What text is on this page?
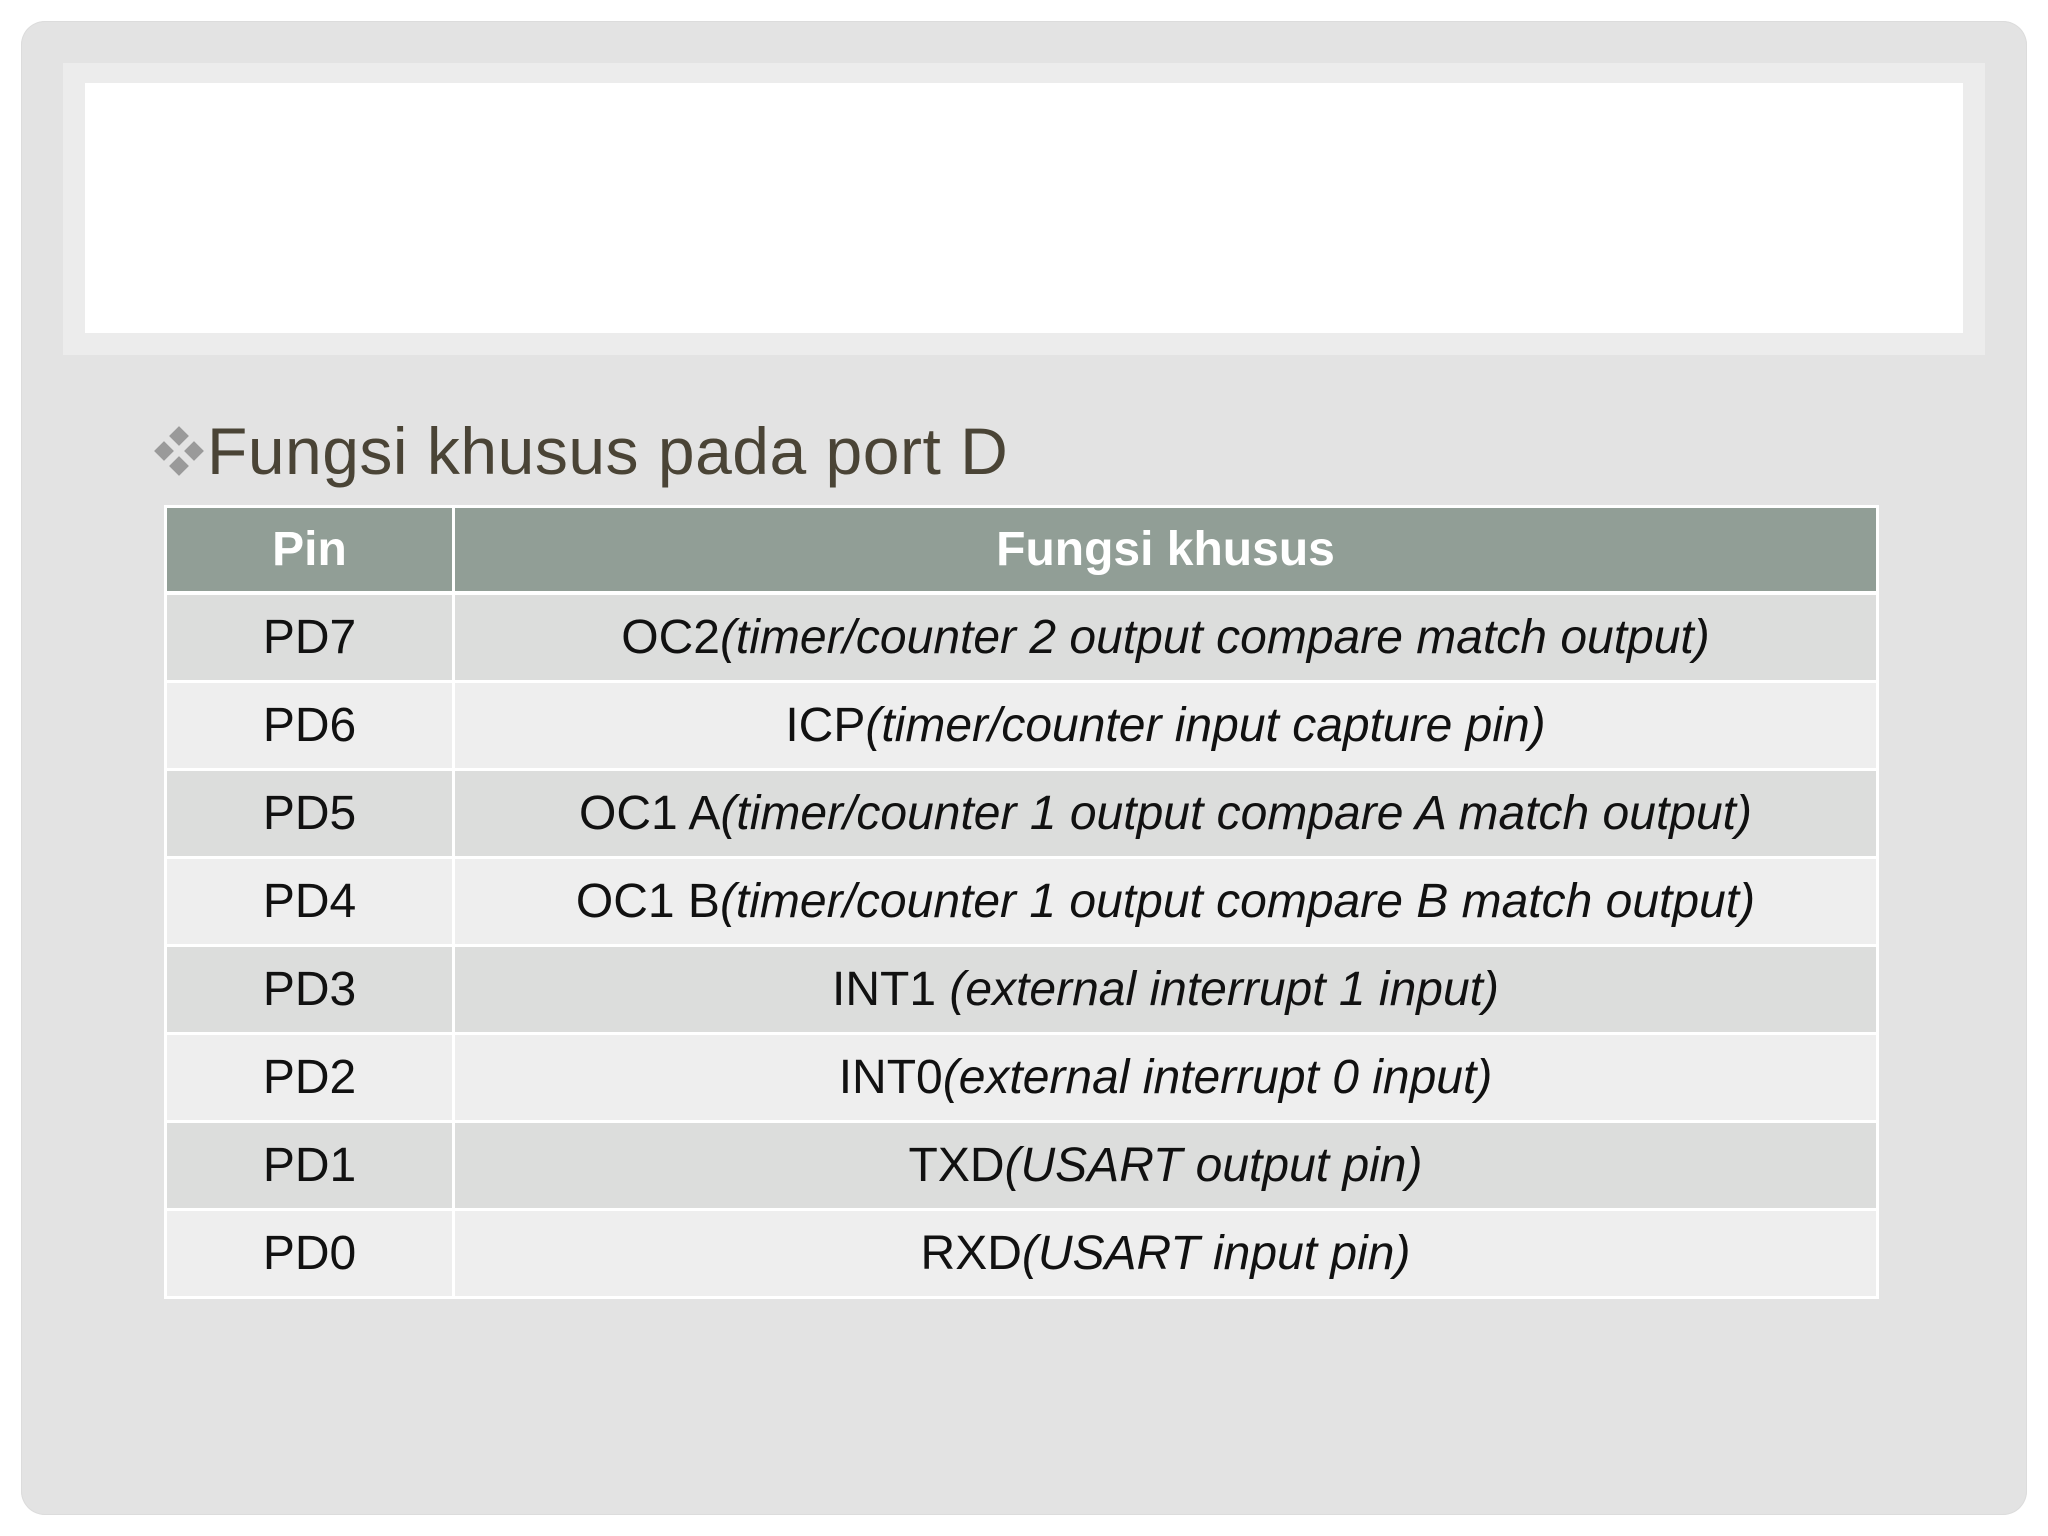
Fungsi khusus pada port D
Pin	Fungsi khusus
PD7	OC2(timer/counter 2 output compare match output)
PD6	ICP(timer/counter input capture pin)
PD5	OC1 A(timer/counter 1 output compare A match output)
PD4	OC1 B(timer/counter 1 output compare B match output)
PD3	INT1 (external interrupt 1 input)
PD2	INT0(external interrupt 0 input)
PD1	TXD(USART output pin)
PD0	RXD(USART input pin)
